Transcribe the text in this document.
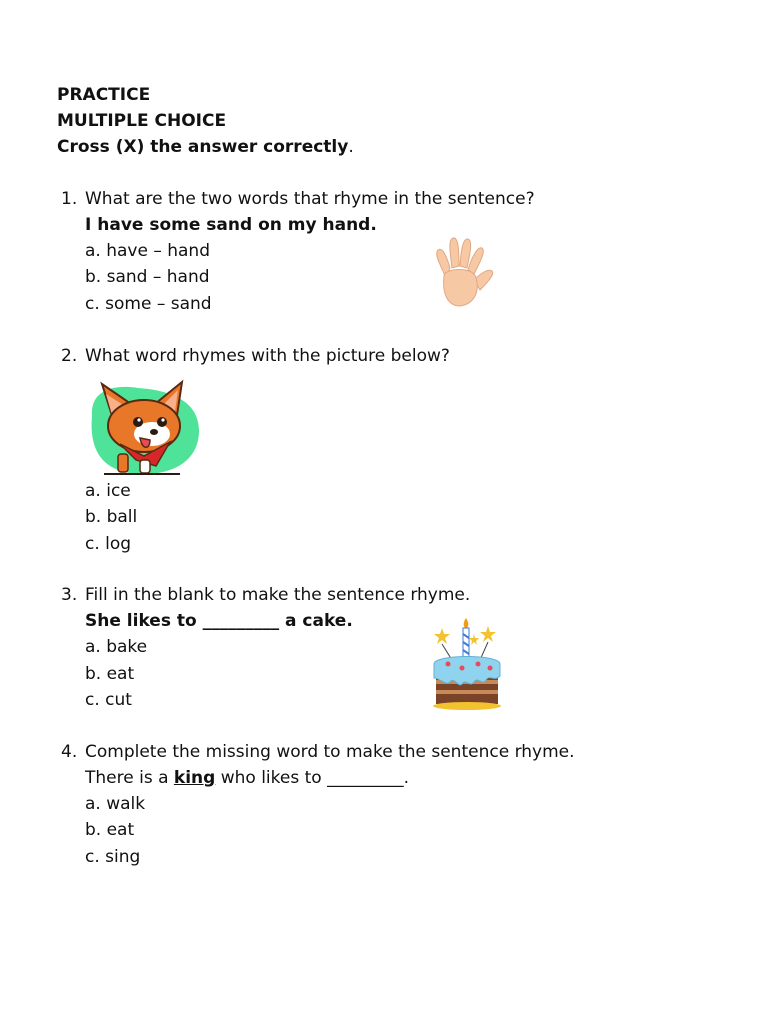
PRACTICE
MULTIPLE CHOICE
Cross (X) the answer correctly.
1. What are the two words that rhyme in the sentence?
I have some sand on my hand.
a. have – hand
b. sand – hand
c. some – sand
2. What word rhymes with the picture below?
a. ice
b. ball
c. log
3. Fill in the blank to make the sentence rhyme.
She likes to _________ a cake.
a. bake
b. eat
c. cut
4. Complete the missing word to make the sentence rhyme.
There is a king who likes to _________.
a. walk
b. eat
c. sing
